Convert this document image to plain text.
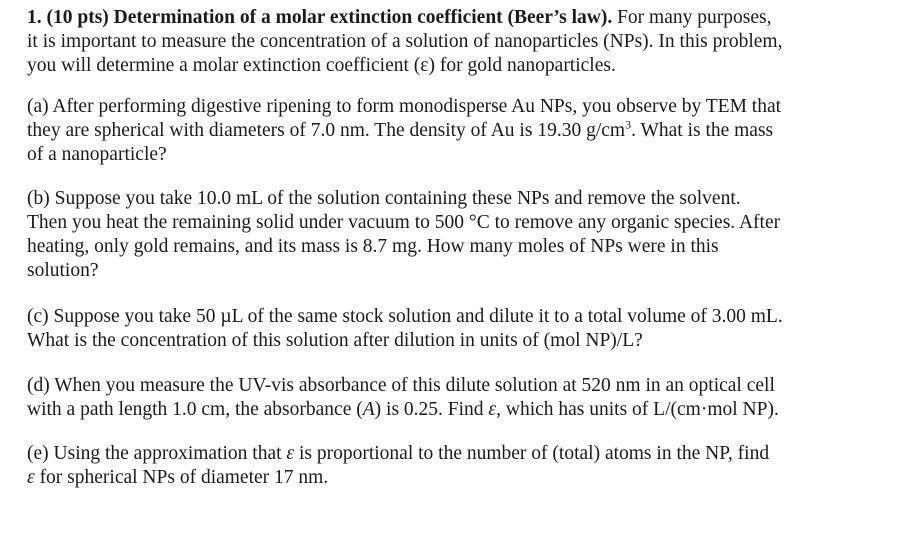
1. (10 pts) Determination of a molar extinction coefficient (Beer’s law). For many purposes,
it is important to measure the concentration of a solution of nanoparticles (NPs). In this problem,
you will determine a molar extinction coefficient (ε) for gold nanoparticles.
(a) After performing digestive ripening to form monodisperse Au NPs, you observe by TEM that
they are spherical with diameters of 7.0 nm. The density of Au is 19.30 $g/cm^3$. What is the mass
of a nanoparticle?
(b) Suppose you take 10.0 mL of the solution containing these NPs and remove the solvent.
Then you heat the remaining solid under vacuum to 500 °C to remove any organic species. After
heating, only gold remains, and its mass is 8.7 mg. How many moles of NPs were in this
solution?
(c) Suppose you take 50 µL of the same stock solution and dilute it to a total volume of 3.00 mL.
What is the concentration of this solution after dilution in units of (mol NP)/L?
(d) When you measure the UV-vis absorbance of this dilute solution at 520 nm in an optical cell
with a path length 1.0 cm, the absorbance (A) is 0.25. Find ε, which has units of L/(cm·mol NP).
(e) Using the approximation that ε is proportional to the number of (total) atoms in the NP, find
ε for spherical NPs of diameter 17 nm.
